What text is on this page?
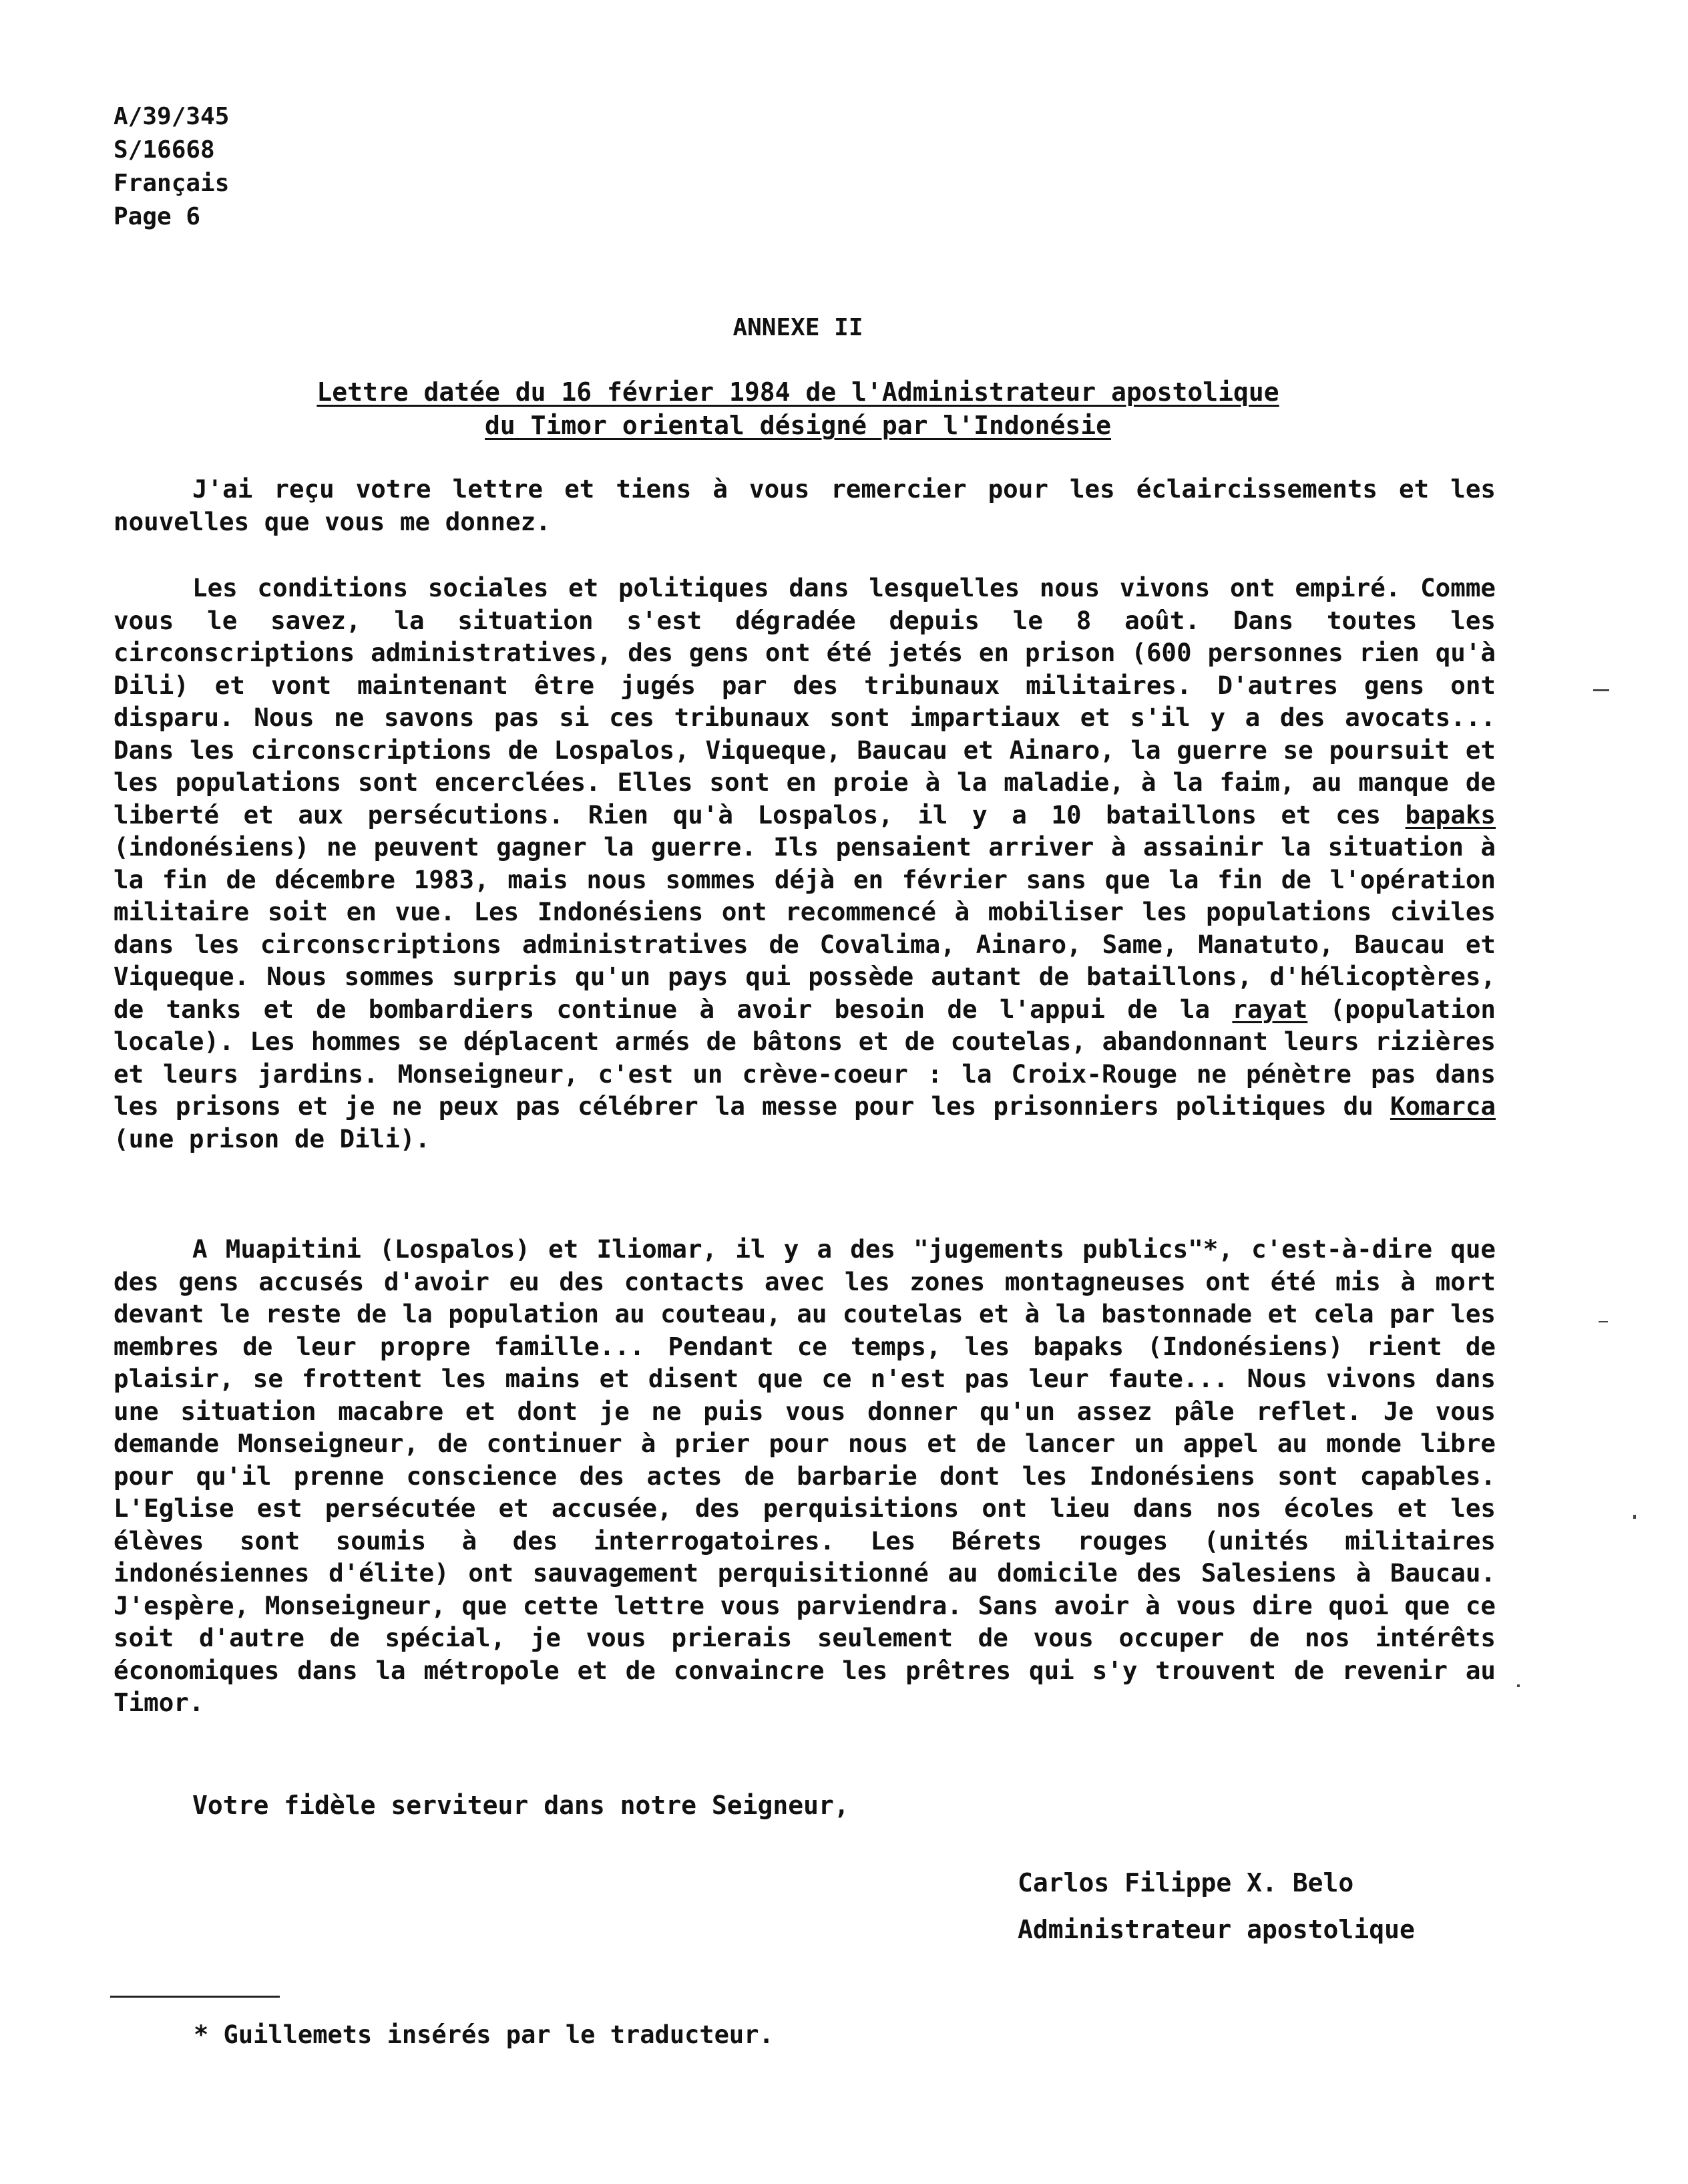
A/39/345
S/16668
Français
Page 6
ANNEXE II
Lettre datée du 16 février 1984 de l'Administrateur apostolique
du Timor oriental désigné par l'Indonésie

J'ai reçu votre lettre et tiens à vous remercier pour les éclaircissements et les nouvelles que vous me donnez.

Les conditions sociales et politiques dans lesquelles nous vivons ont empiré. Comme vous le savez, la situation s'est dégradée depuis le 8 août. Dans toutes les circonscriptions administratives, des gens ont été jetés en prison (600 personnes rien qu'à Dili) et vont maintenant être jugés par des tribunaux militaires. D'autres gens ont disparu. Nous ne savons pas si ces tribunaux sont impartiaux et s'il y a des avocats... Dans les circonscriptions de Lospalos, Viqueque, Baucau et Ainaro, la guerre se poursuit et les populations sont encerclées. Elles sont en proie à la maladie, à la faim, au manque de liberté et aux persécutions. Rien qu'à Lospalos, il y a 10 bataillons et ces bapaks (indonésiens) ne peuvent gagner la guerre. Ils pensaient arriver à assainir la situation à la fin de décembre 1983, mais nous sommes déjà en février sans que la fin de l'opération militaire soit en vue. Les Indonésiens ont recommencé à mobiliser les populations civiles dans les circonscriptions administratives de Covalima, Ainaro, Same, Manatuto, Baucau et Viqueque. Nous sommes surpris qu'un pays qui possède autant de bataillons, d'hélicoptères, de tanks et de bombardiers continue à avoir besoin de l'appui de la rayat (population locale). Les hommes se déplacent armés de bâtons et de coutelas, abandonnant leurs rizières et leurs jardins. Monseigneur, c'est un crève-coeur : la Croix-Rouge ne pénètre pas dans les prisons et je ne peux pas célébrer la messe pour les prisonniers politiques du Komarca (une prison de Dili).

A Muapitini (Lospalos) et Iliomar, il y a des "jugements publics"*, c'est-à-dire que des gens accusés d'avoir eu des contacts avec les zones montagneuses ont été mis à mort devant le reste de la population au couteau, au coutelas et à la bastonnade et cela par les membres de leur propre famille... Pendant ce temps, les bapaks (Indonésiens) rient de plaisir, se frottent les mains et disent que ce n'est pas leur faute... Nous vivons dans une situation macabre et dont je ne puis vous donner qu'un assez pâle reflet. Je vous demande Monseigneur, de continuer à prier pour nous et de lancer un appel au monde libre pour qu'il prenne conscience des actes de barbarie dont les Indonésiens sont capables. L'Eglise est persécutée et accusée, des perquisitions ont lieu dans nos écoles et les élèves sont soumis à des interrogatoires. Les Bérets rouges (unités militaires indonésiennes d'élite) ont sauvagement perquisitionné au domicile des Salesiens à Baucau. J'espère, Monseigneur, que cette lettre vous parviendra. Sans avoir à vous dire quoi que ce soit d'autre de spécial, je vous prierais seulement de vous occuper de nos intérêts économiques dans la métropole et de convaincre les prêtres qui s'y trouvent de revenir au Timor.

Votre fidèle serviteur dans notre Seigneur,
Carlos Filippe X. Belo
Administrateur apostolique
* Guillemets insérés par le traducteur.
